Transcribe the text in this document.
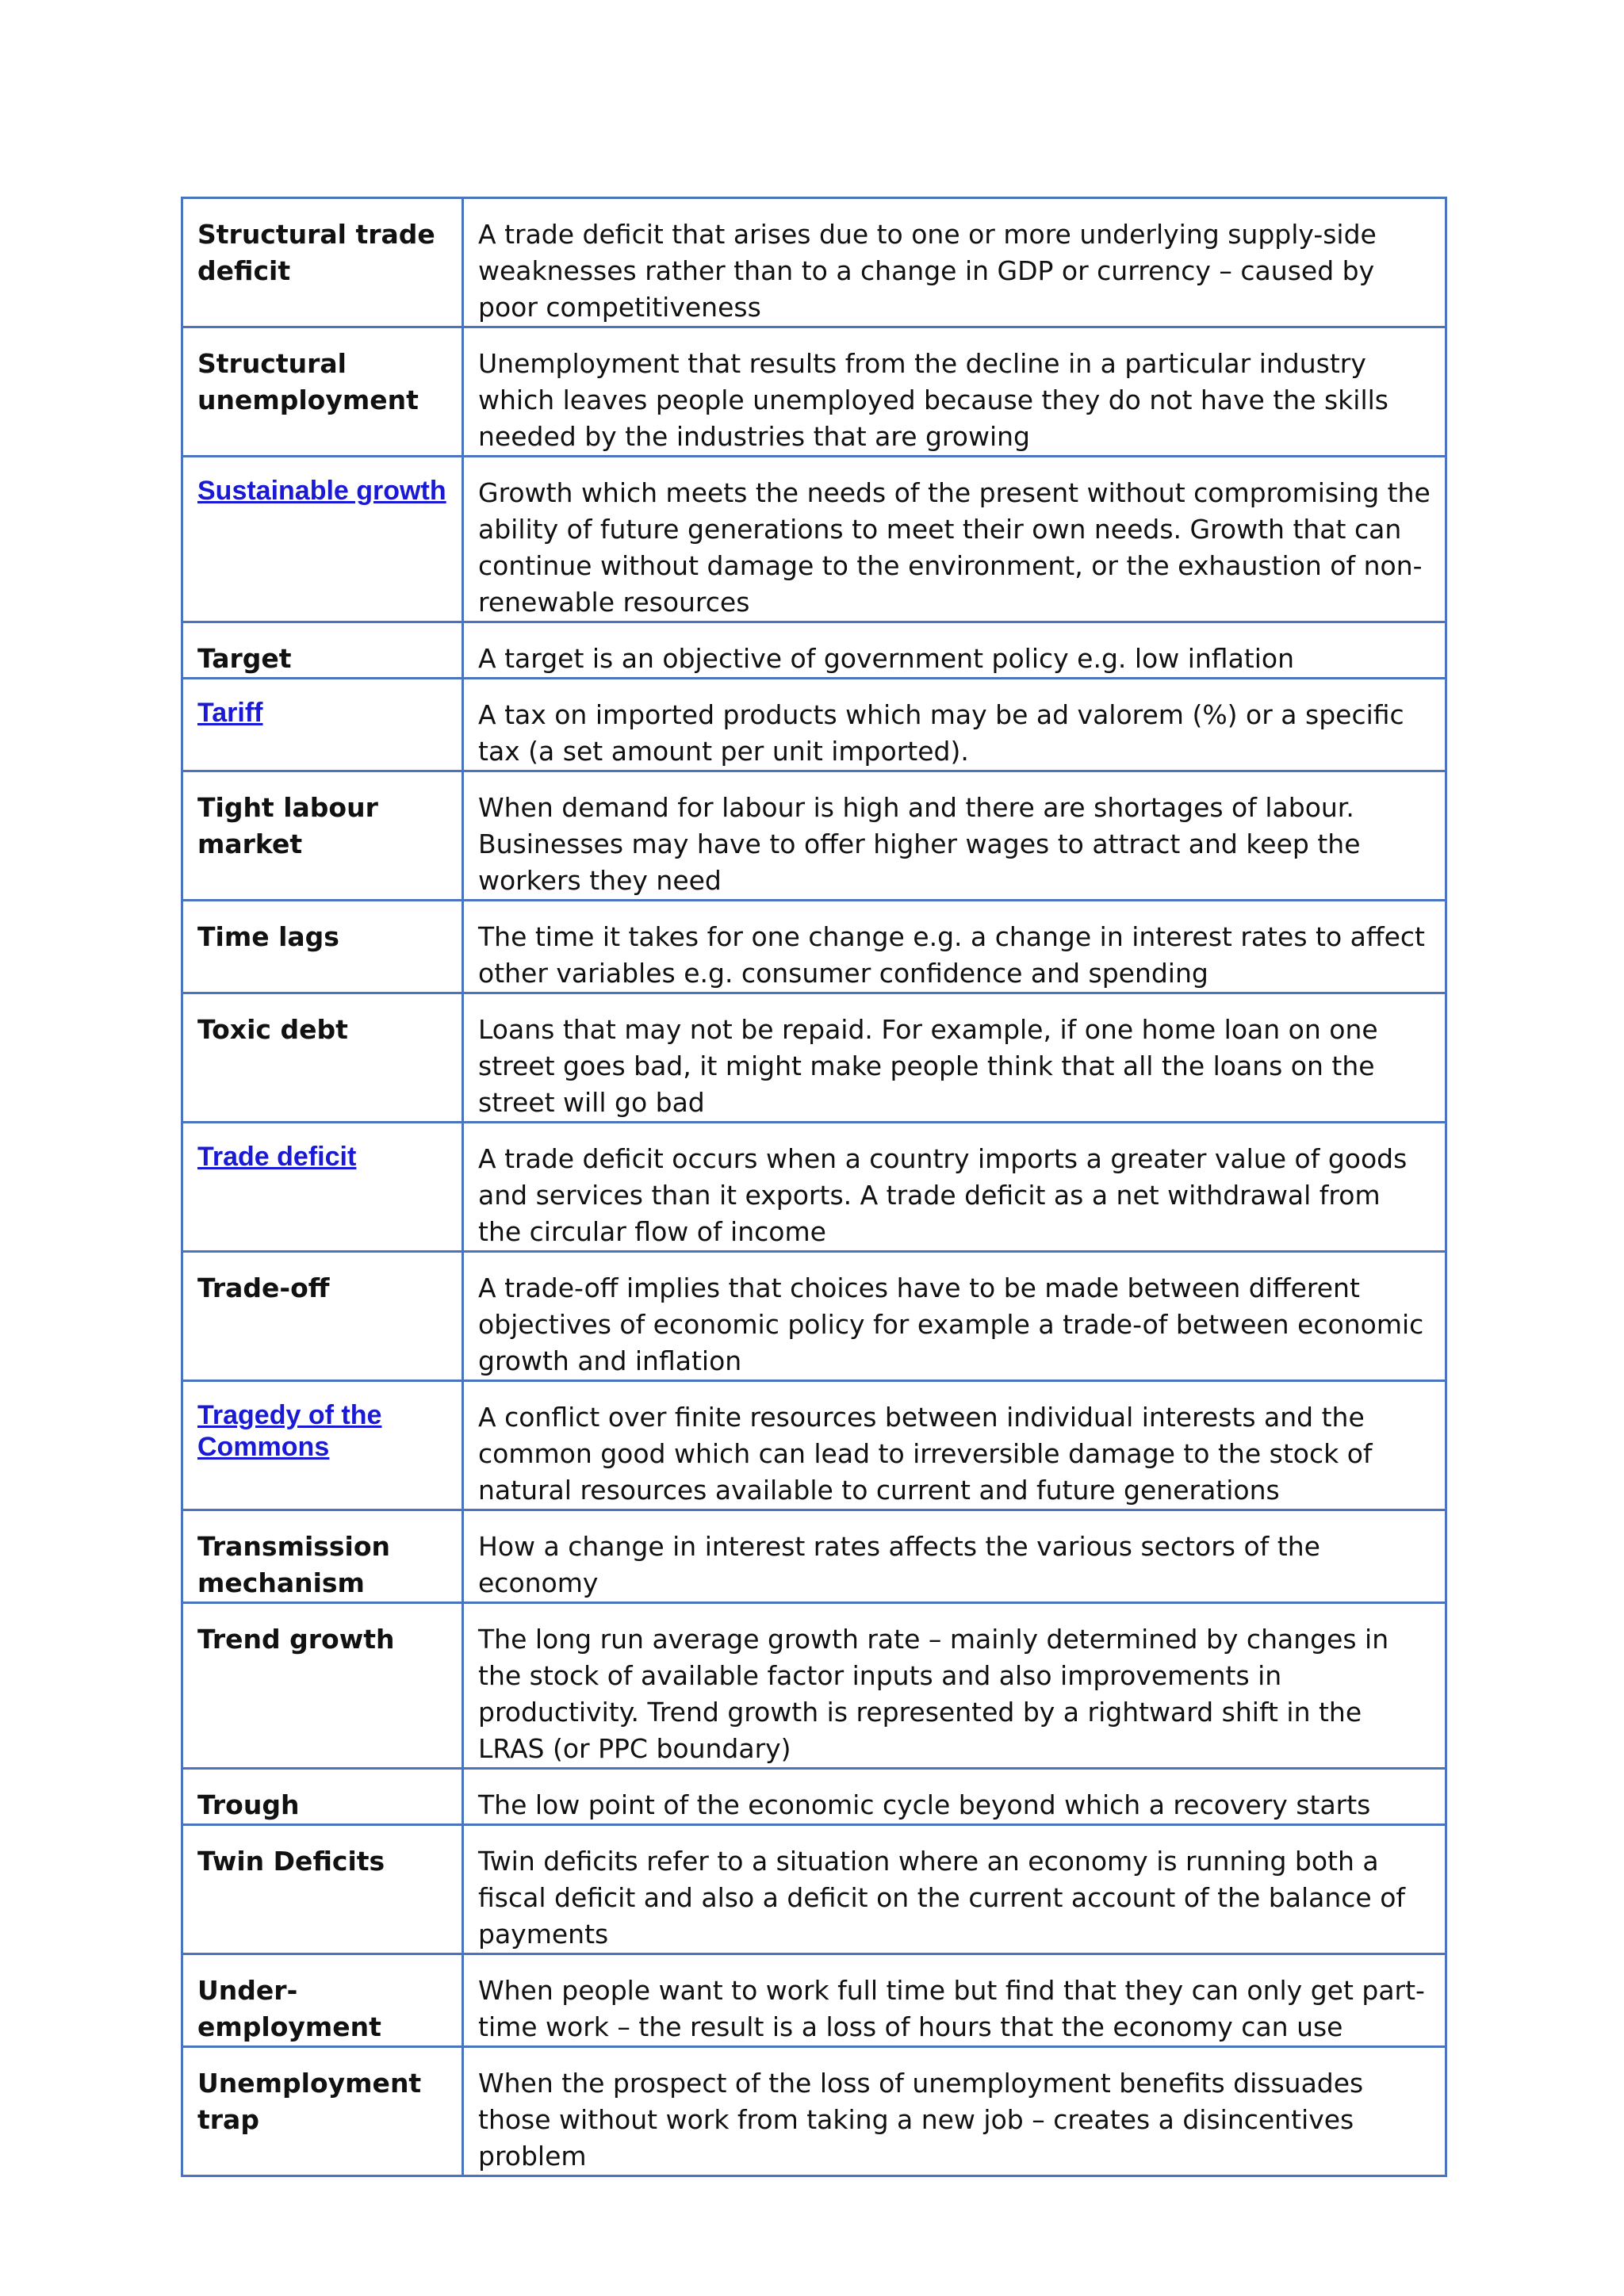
Structural trade deficit	A trade deficit that arises due to one or more underlying supply-side weaknesses rather than to a change in GDP or currency – caused by poor competitiveness
Structural unemployment	Unemployment that results from the decline in a particular industry which leaves people unemployed because they do not have the skills needed by the industries that are growing
Sustainable growth	Growth which meets the needs of the present without compromising the ability of future generations to meet their own needs. Growth that can continue without damage to the environment, or the exhaustion of non-renewable resources
Target	A target is an objective of government policy e.g. low inflation
Tariff	A tax on imported products which may be ad valorem (%) or a specific tax (a set amount per unit imported).
Tight labour market	When demand for labour is high and there are shortages of labour. Businesses may have to offer higher wages to attract and keep the workers they need
Time lags	The time it takes for one change e.g. a change in interest rates to affect other variables e.g. consumer confidence and spending
Toxic debt	Loans that may not be repaid. For example, if one home loan on one street goes bad, it might make people think that all the loans on the street will go bad
Trade deficit	A trade deficit occurs when a country imports a greater value of goods and services than it exports. A trade deficit as a net withdrawal from the circular flow of income
Trade-off	A trade-off implies that choices have to be made between different objectives of economic policy for example a trade-of between economic growth and inflation
Tragedy of the Commons	A conflict over finite resources between individual interests and the common good which can lead to irreversible damage to the stock of natural resources available to current and future generations
Transmission mechanism	How a change in interest rates affects the various sectors of the economy
Trend growth	The long run average growth rate – mainly determined by changes in the stock of available factor inputs and also improvements in productivity. Trend growth is represented by a rightward shift in the LRAS (or PPC boundary)
Trough	The low point of the economic cycle beyond which a recovery starts
Twin Deficits	Twin deficits refer to a situation where an economy is running both a fiscal deficit and also a deficit on the current account of the balance of payments
Under-employment	When people want to work full time but find that they can only get part-time work – the result is a loss of hours that the economy can use
Unemployment trap	When the prospect of the loss of unemployment benefits dissuades those without work from taking a new job – creates a disincentives problem
